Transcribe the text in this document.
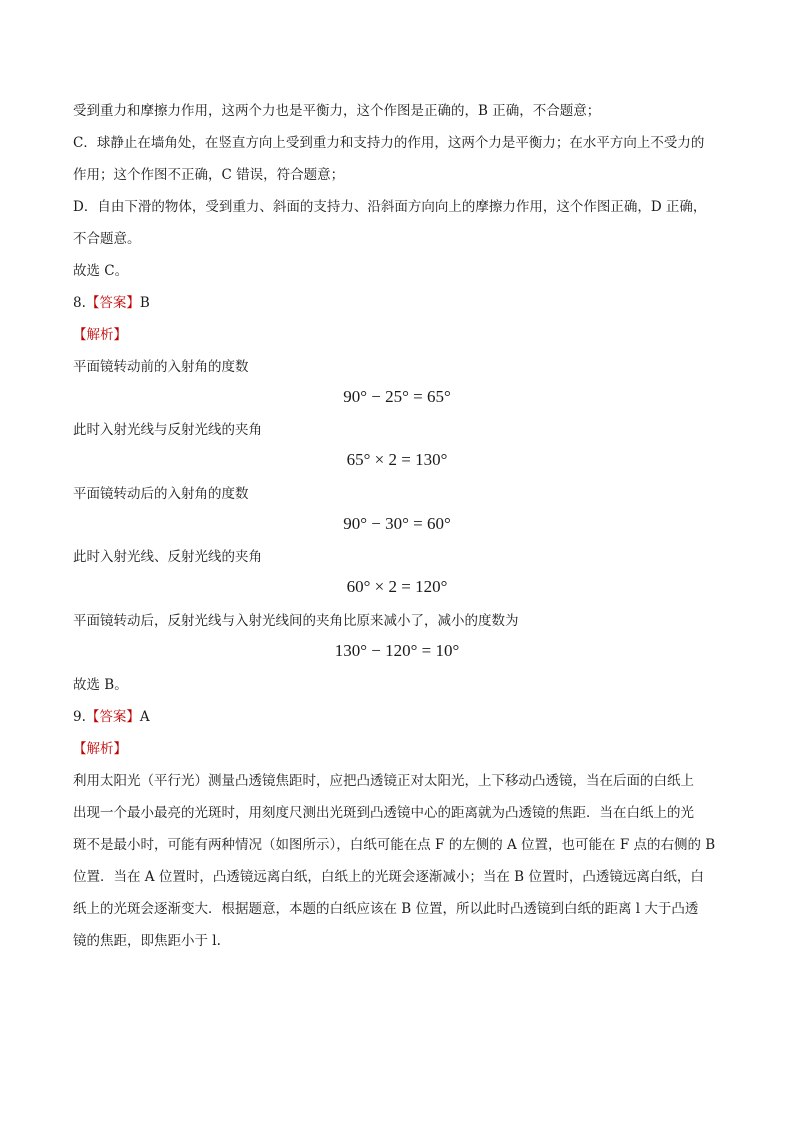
受到重力和摩擦力作用，这两个力也是平衡力，这个作图是正确的，B 正确，不合题意；
C．球静止在墙角处，在竖直方向上受到重力和支持力的作用，这两个力是平衡力；在水平方向上不受力的
作用；这个作图不正确，C 错误，符合题意；
D．自由下滑的物体，受到重力、斜面的支持力、沿斜面方向向上的摩擦力作用，这个作图正确，D 正确，
不合题意。
故选 C。
8.【答案】B
【解析】
平面镜转动前的入射角的度数
90° − 25° = 65°
此时入射光线与反射光线的夹角
65° × 2 = 130°
平面镜转动后的入射角的度数
90° − 30° = 60°
此时入射光线、反射光线的夹角
60° × 2 = 120°
平面镜转动后，反射光线与入射光线间的夹角比原来减小了，减小的度数为
130° − 120° = 10°
故选 B。
9.【答案】A
【解析】
利用太阳光（平行光）测量凸透镜焦距时，应把凸透镜正对太阳光，上下移动凸透镜，当在后面的白纸上
出现一个最小最亮的光斑时，用刻度尺测出光斑到凸透镜中心的距离就为凸透镜的焦距．当在白纸上的光
斑不是最小时，可能有两种情况（如图所示），白纸可能在点 F 的左侧的 A 位置，也可能在 F 点的右侧的 B
位置．当在 A 位置时，凸透镜远离白纸，白纸上的光斑会逐渐减小；当在 B 位置时，凸透镜远离白纸，白
纸上的光斑会逐渐变大．根据题意，本题的白纸应该在 B 位置，所以此时凸透镜到白纸的距离 l 大于凸透
镜的焦距，即焦距小于 l.
